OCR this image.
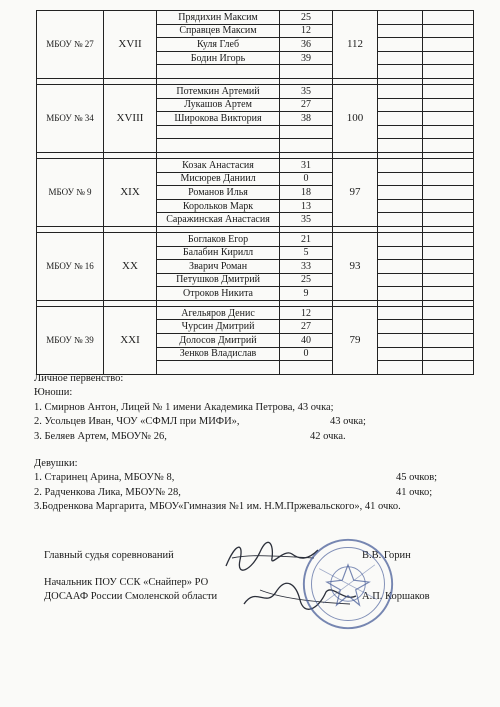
МБОУ № 27	XVII	Прядихин Максим	25	112		
		Справцев Максим	12			
		Куля Глеб	36			
		Бодин Игорь	39			

МБОУ № 34	XVIII	Потемкин Артемий	35	100		
		Лукашов Артем	27			
		Широкова Виктория	38			

МБОУ № 9	XIX	Козак Анастасия	31	97		
		Мисюрев Даниил	0			
		Романов Илья	18			
		Корольков Марк	13			
		Саражинская Анастасия	35			

МБОУ № 16	XX	Боглаков Егор	21	93		
		Балабин Кирилл	5			
		Зварич Роман	33			
		Петушков Дмитрий	25			
		Отроков Никита	9			

МБОУ № 39	XXI	Агельяров Денис	12	79		
		Чурсин Дмитрий	27			
		Долосов Дмитрий	40			
		Зенков Владислав	0			

Личное первенство:
Юноши:
1. Смирнов Антон, Лицей № 1 имени Академика Петрова, 43 очка;
2. Усольцев Иван, ЧОУ «СФМЛ при МИФИ»,	43 очка;
3. Беляев Артем, МБОУ№ 26,	42 очка.
Девушки:
1. Старинец Арина, МБОУ№ 8,	45 очков;
2. Радченкова Лика, МБОУ№ 28,	41 очко;
3.Бодренкова Маргарита, МБОУ«Гимназия №1 им. Н.М.Пржевальского», 41 очко.
Главный судья соревнований	В.В. Горин
Начальник ПОУ ССК «Снайпер» РО
ДОСААФ России Смоленской области	А.П. Коршаков
